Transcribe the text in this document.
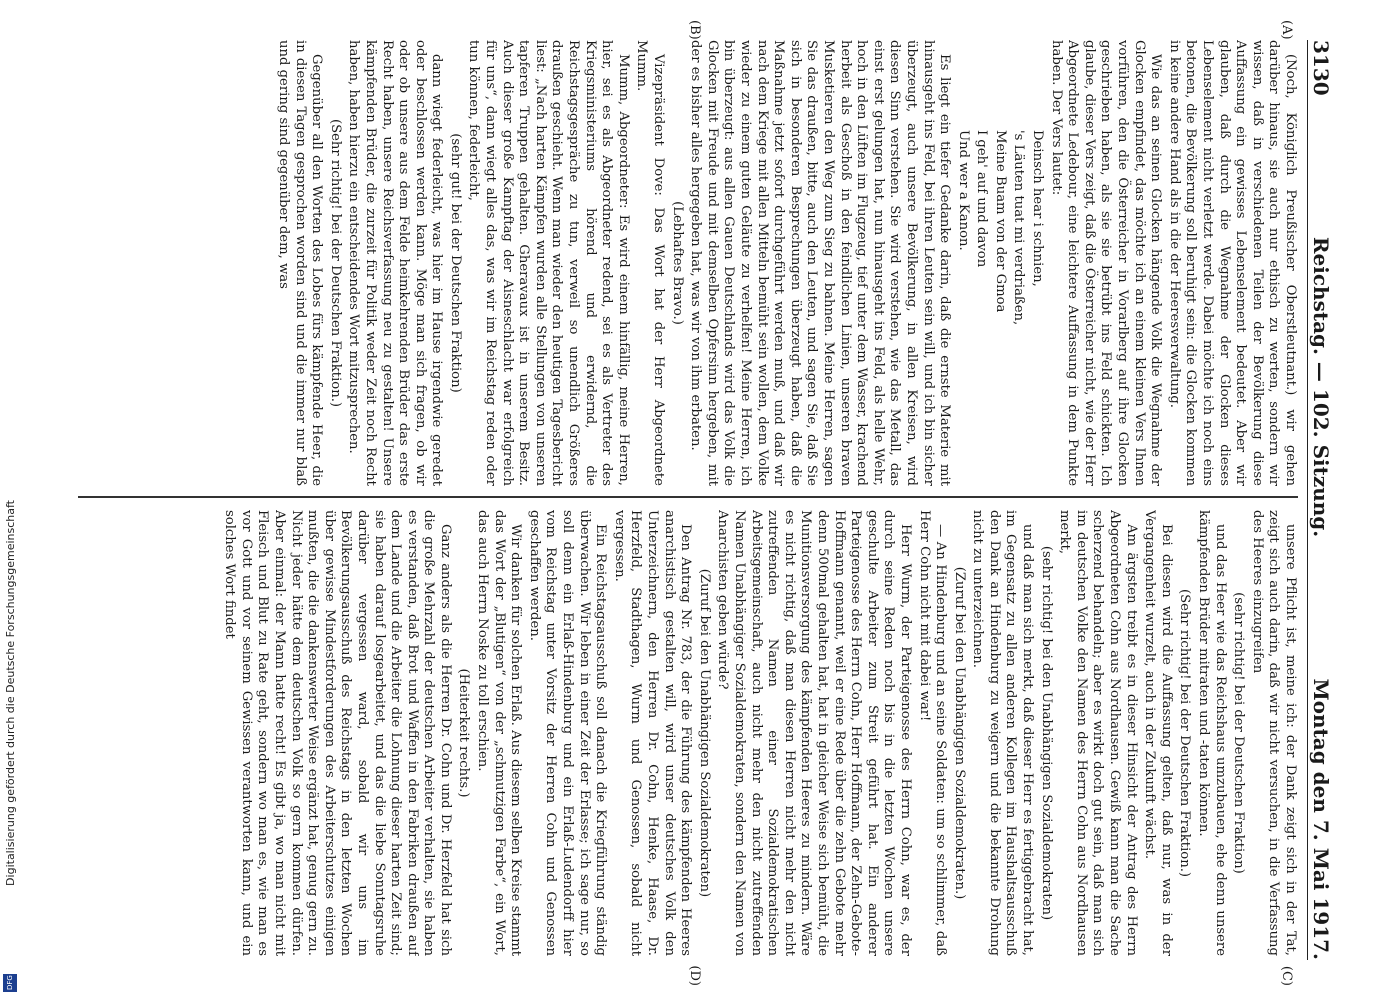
3130
Reichstag. — 102. Sitzung.
Montag den 7. Mai 1917.
(A)
(B)
(C)
(D)

(Noch, Königlich Preußischer Oberstleutnant.) wir gehen darüber hinaus, sie auch nur ethisch zu werten, sondern wir wissen, daß in verschiedenen Teilen der Bevölkerung diese Auffassung ein gewisses Lebenselement bedeutet. Aber wir glauben, daß durch die Wegnahme der Glocken dieses Lebenselement nicht verletzt werde. Dabei möchte ich noch eins betonen, die Bevölkerung soll beruhigt sein: die Glocken kommen in keine andere Hand als in die der Heeresverwaltung.

Wie das an seinen Glocken hängende Volk die Wegnahme der Glocken empfindet, das möchte ich an einem kleinen Vers Ihnen vorführen, den die Österreicher in Vorarlberg auf ihre Glocken geschrieben haben, als sie sie betrübt ins Feld schickten. Ich glaube, dieser Vers zeigt, daß die Österreicher nicht, wie der Herr Abgeordnete Ledebour, eine leichtere Auffassung in dem Punkte haben. Der Vers lautet:

Deinsch hear i schnien,

's Läuten tuat mi verdriaßen,

Meine Buam von der Gmoa

I geh' auf und davon

Und wer a Kanon.

Es liegt ein tiefer Gedanke darin, daß die ernste Materie mit hinausgeht ins Feld, bei ihren Leuten sein will, und ich bin sicher überzeugt, auch unsere Bevölkerung, in allen Kreisen, wird diesen Sinn verstehen. Sie wird verstehen, wie das Metall, das einst erst gelungen hat, nun hinausgeht ins Feld, als helle Wehr, hoch in den Lüften im Flugzeug, tief unter dem Wasser, krachend herbeit als Geschoß in den feindlichen Linien, unseren braven Musketieren den Weg zum Sieg zu bahnen. Meine Herren, sagen Sie das draußen, bitte, auch den Leuten, und sagen Sie, daß Sie sich in besonderen Besprechungen überzeugt haben, daß die Maßnahme jetzt sofort durchgeführt werden muß, und daß wir nach dem Kriege mit allen Mitteln bemüht sein wollen, dem Volke wieder zu einem guten Geläute zu verhelfen! Meine Herren, ich bin überzeugt: aus allen Gauen Deutschlands wird das Volk die Glocken mit Freude und mit demselben Opfersinn hergeben, mit der es bisher alles hergegeben hat, was wir von ihm erbaten.

(Lebhaftes Bravo.)

Vizepräsident Dove: Das Wort hat der Herr Abgeordnete Mumm.

Mumm, Abgeordneter: Es wird einem hinfällig, meine Herren, hier, sei es als Abgeordneter redend, sei es als Vertreter des Kriegsministeriums hörend und erwidernd, die Reichstagsgespräche zu tun, verweil so unendlich Größeres draußen geschieht. Wenn man wieder den heutigen Tagesbericht liest: „Nach harten Kämpfen wurden alle Stellungen von unseren tapferen Truppen gehalten. Gheravaux ist in unserem Besitz. Auch dieser große Kampftag der Aisneschlacht war erfolgreich für uns“, dann wiegt alles das, was wir im Reichstag reden oder tun können, federleicht,

(sehr gut! bei der Deutschen Fraktion)

dann wiegt federleicht, was hier im Hause irgendwie geredet oder beschlossen werden kann. Möge man sich fragen, ob wir oder ob unsere aus dem Felde heimkehrenden Brüder das erste Recht haben, unsere Reichsverfassung neu zu gestalten! Unsere kämpfenden Brüder, die zurzeit für Politik weder Zeit noch Recht haben, haben hierzu ein entscheidendes Wort mitzusprechen.

(Sehr richtig! bei der Deutschen Fraktion.)

Gegenüber all den Worten des Lobes fürs kämpfende Heer, die in diesen Tagen gesprochen worden sind und die immer nur blaß und gering sind gegenüber dem, was

unsere Pflicht ist, meine ich: der Dank zeigt sich in der Tat, zeigt sich auch darin, daß wir nicht versuchen, in die Verfassung des Heeres einzugreifen

(sehr richtig! bei der Deutschen Fraktion)

und das Heer wie das Reichshaus umzubauen, ehe denn unsere kämpfenden Brüder mitraten und -taten können.

(Sehr richtig! bei der Deutschen Fraktion.)

Bei diesen wird die Auffassung gelten, daß nur, was in der Vergangenheit wurzelt, auch in der Zukunft wächst.

Am ärgsten treibt es in dieser Hinsicht der Antrag des Herrn Abgeordneten Cohn aus Nordhausen. Gewiß kann man die Sache scherzend behandeln; aber es wirkt doch gut sein, daß man sich im deutschen Volke den Namen des Herrn Cohn aus Nordhausen merkt,

(sehr richtig! bei den Unabhängigen Sozialdemokraten)

und daß man sich merkt, daß dieser Herr es fertiggebracht hat, im Gegensatz zu allen anderen Kollegen im Haushaltsausschuß den Dank an Hindenburg zu weigern und die bekannte Drohung nicht zu unterzeichnen.

(Zuruf bei den Unabhängigen Sozialdemokraten.)

— An Hindenburg und an seine Soldaten: um so schlimmer, daß Herr Cohn nicht mit dabei war!

Herr Wurm, der Parteigenosse des Herrn Cohn, war es, der durch seine Reden noch bis in die letzten Wochen unsere geschulte Arbeiter zum Streit geführt hat. Ein anderer Parteigenosse des Herrn Cohn, Herr Hoffmann, der Zehn-Gebote-Hoffmann genannt, weil er eine Rede über die zehn Gebote mehr denn 500mal gehalten hat, hat in gleicher Weise sich bemüht, die Munitionsversorgung des kämpfenden Heeres zu mindern. Wäre es nicht richtig, daß man diesen Herren nicht mehr den nicht zutreffenden Namen einer Sozialdemokratischen Arbeitsgemeinschaft, auch nicht mehr den nicht zutreffenden Namen Unabhängiger Sozialdemokraten, sondern den Namen von Anarchisten geben würde?

(Zuruf bei den Unabhängigen Sozialdemokraten)

Den Antrag Nr. 783, der die Führung des kämpfenden Heeres anarchistisch gestalten will, wird unser deutsches Volk den Unterzeichnern, den Herren Dr. Cohn, Henke, Haase, Dr. Herzfeld, Stadthagen, Wurm und Genossen, sobald nicht vergessen.

Ein Reichstagsausschuß soll danach die Kriegführung ständig überwachen. Wir leben in einer Zeit der Erlasse; ich sage nur, so soll denn ein Erlaß-Hindenburg und ein Erlaß-Ludendorff hier vom Reichstag unter Vorsitz der Herren Cohn und Genossen geschaffen werden.

Wir danken für solchen Erlaß. Aus diesem selben Kreise stammt das Wort der „Blutigen“ von der „schmutzigen Farbe“, ein Wort, das auch Herrn Noske zu toll erschien.

(Heiterkeit rechts.)

Ganz anders als die Herren Dr. Cohn und Dr. Herzfeld hat sich die große Mehrzahl der deutschen Arbeiter verhalten, sie haben es verstanden, daß Brot und Waffen in den Fabriken draußen auf dem Lande und die Arbeiter die Lohnung dieser harten Zeit sind; sie haben darauf losgearbeitet, und das die liebe Sonntagsruhe darüber vergessen ward, sobald wir uns im Bevölkerungsausschuß des Reichstags in den letzten Wochen über gewisse Mindestforderungen des Arbeiterschutzes einigen mußten, die die dankenswerter Weise ergänzt hat, genug gern zu. Nicht jeder hätte dem deutschen Volk so gern kommen dürfen. Aber einmal: der Mann hatte recht! Es gibt ja, wo man nicht mit Fleisch und Blut zu Rate geht, sondern wo man es, wie man es vor Gott und vor seinem Gewissen verantworten kann, und ein solches Wort findet

Digitalisierung gefördert durch die Deutsche Forschungsgemeinschaft
DFG
